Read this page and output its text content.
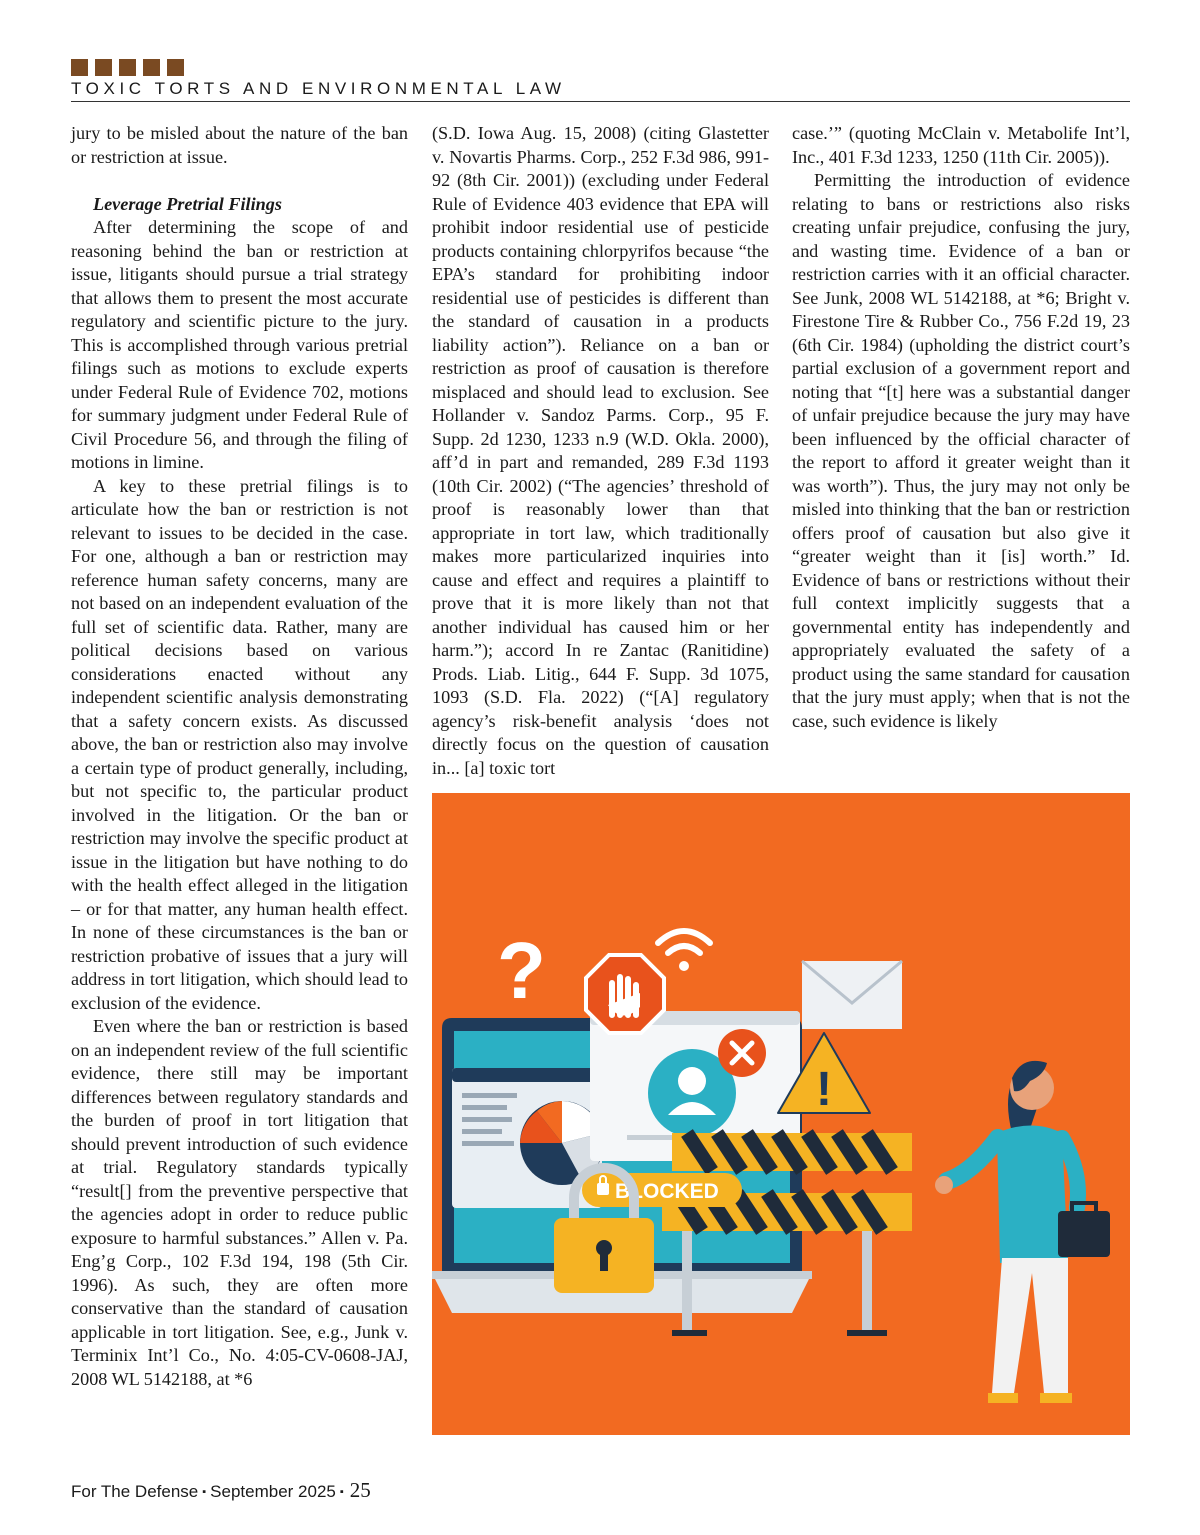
TOXIC TORTS AND ENVIRONMENTAL LAW

jury to be misled about the nature of the ban or restriction at issue.

Leverage Pretrial Filings

After determining the scope of and reasoning behind the ban or restriction at issue, litigants should pursue a trial strategy that allows them to present the most accurate regulatory and scientific picture to the jury. This is accomplished through various pretrial filings such as motions to exclude experts under Federal Rule of Evidence 702, motions for summary judgment under Federal Rule of Civil Procedure 56, and through the filing of motions in limine.

A key to these pretrial filings is to articulate how the ban or restriction is not relevant to issues to be decided in the case. For one, although a ban or restriction may reference human safety concerns, many are not based on an independent evaluation of the full set of scientific data. Rather, many are political decisions based on various considerations enacted without any independent scientific analysis demonstrating that a safety concern exists. As discussed above, the ban or restriction also may involve a certain type of product generally, including, but not specific to, the particular product involved in the litigation. Or the ban or restriction may involve the specific product at issue in the litigation but have nothing to do with the health effect alleged in the litigation – or for that matter, any human health effect. In none of these circumstances is the ban or restriction probative of issues that a jury will address in tort litigation, which should lead to exclusion of the evidence.

Even where the ban or restriction is based on an independent review of the full scientific evidence, there still may be important differences between regulatory standards and the burden of proof in tort litigation that should prevent introduction of such evidence at trial. Regulatory standards typically “result[] from the preventive perspective that the agencies adopt in order to reduce public exposure to harmful substances.” Allen v. Pa. Eng’g Corp., 102 F.3d 194, 198 (5th Cir. 1996). As such, they are often more conservative than the standard of causation applicable in tort litigation. See, e.g., Junk v. Terminix Int’l Co., No. 4:05-CV-0608-JAJ, 2008 WL 5142188, at *6

(S.D. Iowa Aug. 15, 2008) (citing Glastetter v. Novartis Pharms. Corp., 252 F.3d 986, 991-92 (8th Cir. 2001)) (excluding under Federal Rule of Evidence 403 evidence that EPA will prohibit indoor residential use of pesticide products containing chlorpyrifos because “the EPA’s standard for prohibiting indoor residential use of pesticides is different than the standard of causation in a products liability action”). Reliance on a ban or restriction as proof of causation is therefore misplaced and should lead to exclusion. See Hollander v. Sandoz Parms. Corp., 95 F. Supp. 2d 1230, 1233 n.9 (W.D. Okla. 2000), aff’d in part and remanded, 289 F.3d 1193 (10th Cir. 2002) (“The agencies’ threshold of proof is reasonably lower than that appropriate in tort law, which traditionally makes more particularized inquiries into cause and effect and requires a plaintiff to prove that it is more likely than not that another individual has caused him or her harm.”); accord In re Zantac (Ranitidine) Prods. Liab. Litig., 644 F. Supp. 3d 1075, 1093 (S.D. Fla. 2022) (“[A] regulatory agency’s risk-benefit analysis ‘does not directly focus on the question of causation in... [a] toxic tort

case.’” (quoting McClain v. Metabolife Int’l, Inc., 401 F.3d 1233, 1250 (11th Cir. 2005)).

Permitting the introduction of evidence relating to bans or restrictions also risks creating unfair prejudice, confusing the jury, and wasting time. Evidence of a ban or restriction carries with it an official character. See Junk, 2008 WL 5142188, at *6; Bright v. Firestone Tire & Rubber Co., 756 F.2d 19, 23 (6th Cir. 1984) (upholding the district court’s partial exclusion of a government report and noting that “[t] here was a substantial danger of unfair prejudice because the jury may have been influenced by the official character of the report to afford it greater weight than it was worth”). Thus, the jury may not only be misled into thinking that the ban or restriction offers proof of causation but also give it “greater weight than it [is] worth.” Id. Evidence of bans or restrictions without their full context implicitly suggests that a governmental entity has independently and appropriately evaluated the safety of a product using the same standard for causation that the jury must apply; when that is not the case, such evidence is likely

?
!
BLOCKED
For The Defense ▪ September 2025 ▪ 25
